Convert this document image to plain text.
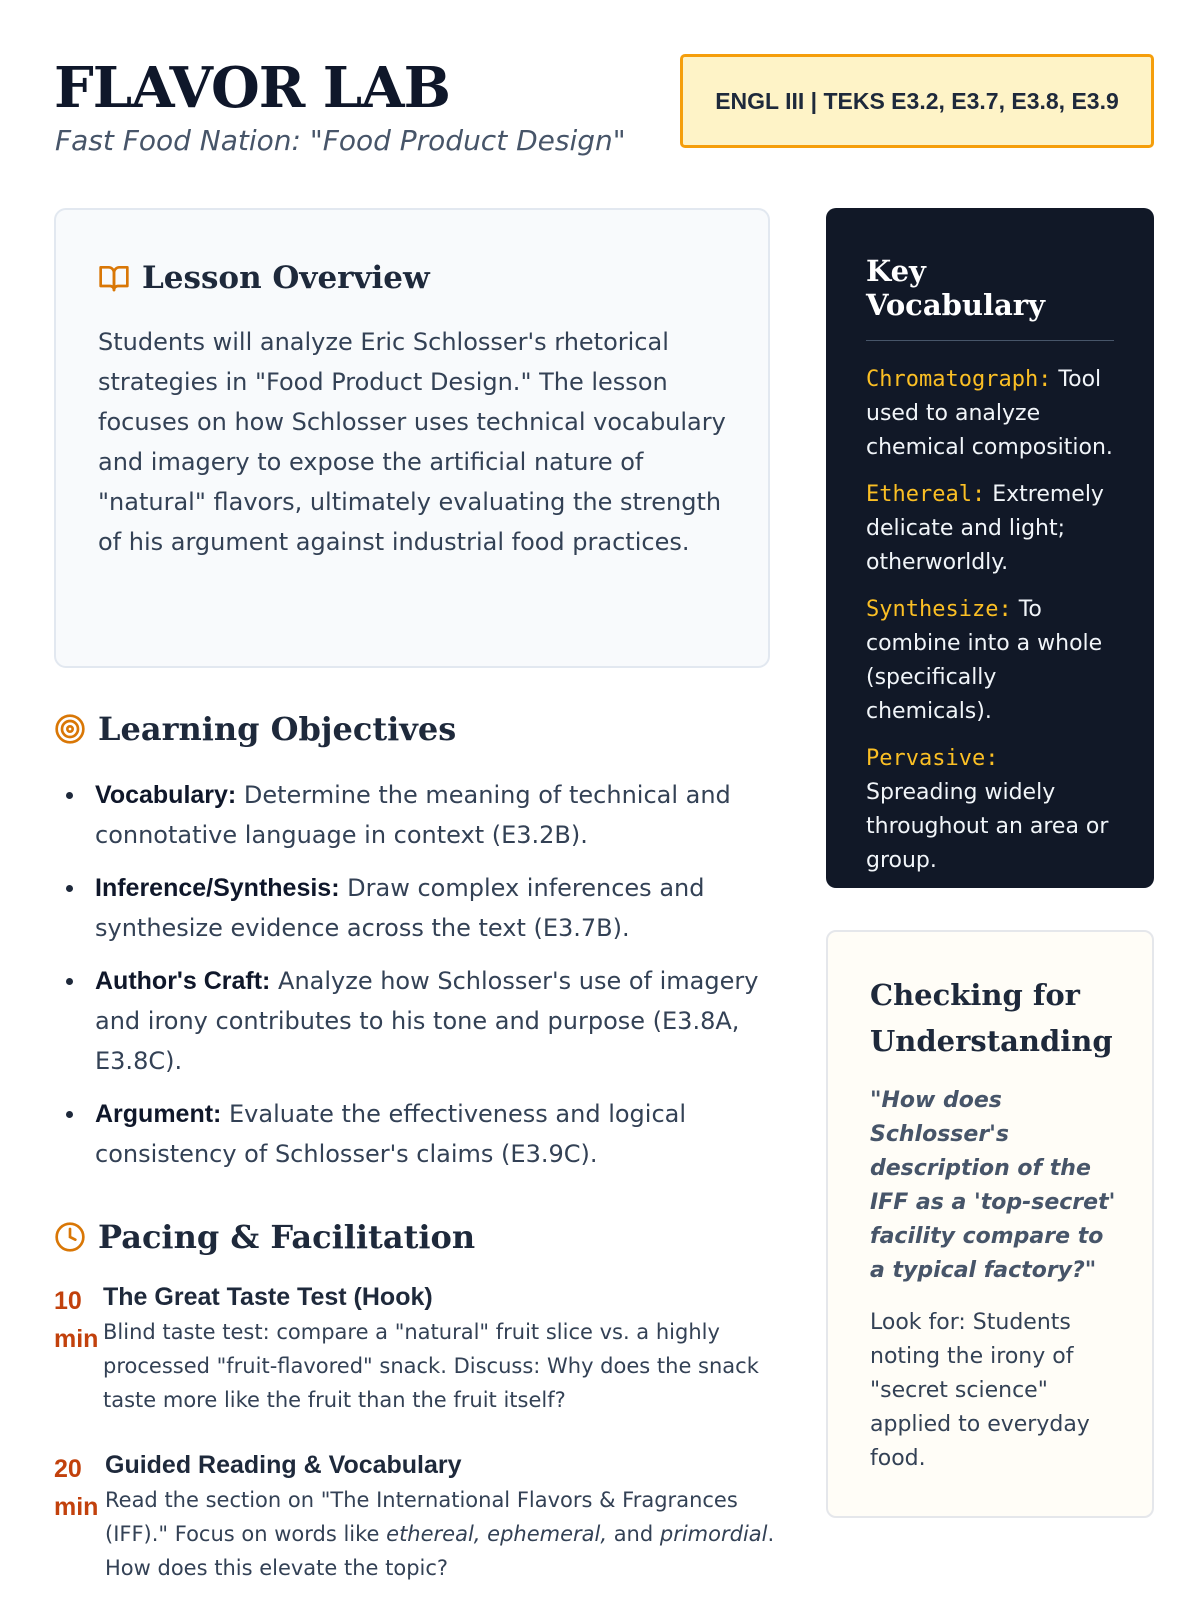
FLAVOR LAB
Fast Food Nation: "Food Product Design"
ENGL III | TEKS E3.2, E3.7, E3.8, E3.9
Lesson Overview

Students will analyze Eric Schlosser's rhetorical strategies in "Food Product Design." The lesson focuses on how Schlosser uses technical vocabulary and imagery to expose the artificial nature of "natural" flavors, ultimately evaluating the strength of his argument against industrial food practices.

Learning Objectives
Vocabulary: Determine the meaning of technical and connotative language in context (E3.2B).
Inference/Synthesis: Draw complex inferences and synthesize evidence across the text (E3.7B).
Author's Craft: Analyze how Schlosser's use of imagery and irony contributes to his tone and purpose (E3.8A, E3.8C).
Argument: Evaluate the effectiveness and logical consistency of Schlosser's claims (E3.9C).
Pacing & Facilitation
10
min
The Great Taste Test (Hook)
Blind taste test: compare a "natural" fruit slice vs. a highly processed "fruit-flavored" snack. Discuss: Why does the snack taste more like the fruit than the fruit itself?
20
min
Guided Reading & Vocabulary
Read the section on "The International Flavors & Fragrances (IFF)." Focus on words like ethereal, ephemeral, and primordial. How does this elevate the topic?
Key Vocabulary
Chromatograph: Tool used to analyze chemical composition.
Ethereal: Extremely delicate and light; otherworldly.
Synthesize: To combine into a whole (specifically chemicals).
Pervasive: Spreading widely throughout an area or group.
Checking for Understanding

"How does Schlosser's description of the IFF as a 'top-secret' facility compare to a typical factory?"

Look for: Students noting the irony of "secret science" applied to everyday food.
